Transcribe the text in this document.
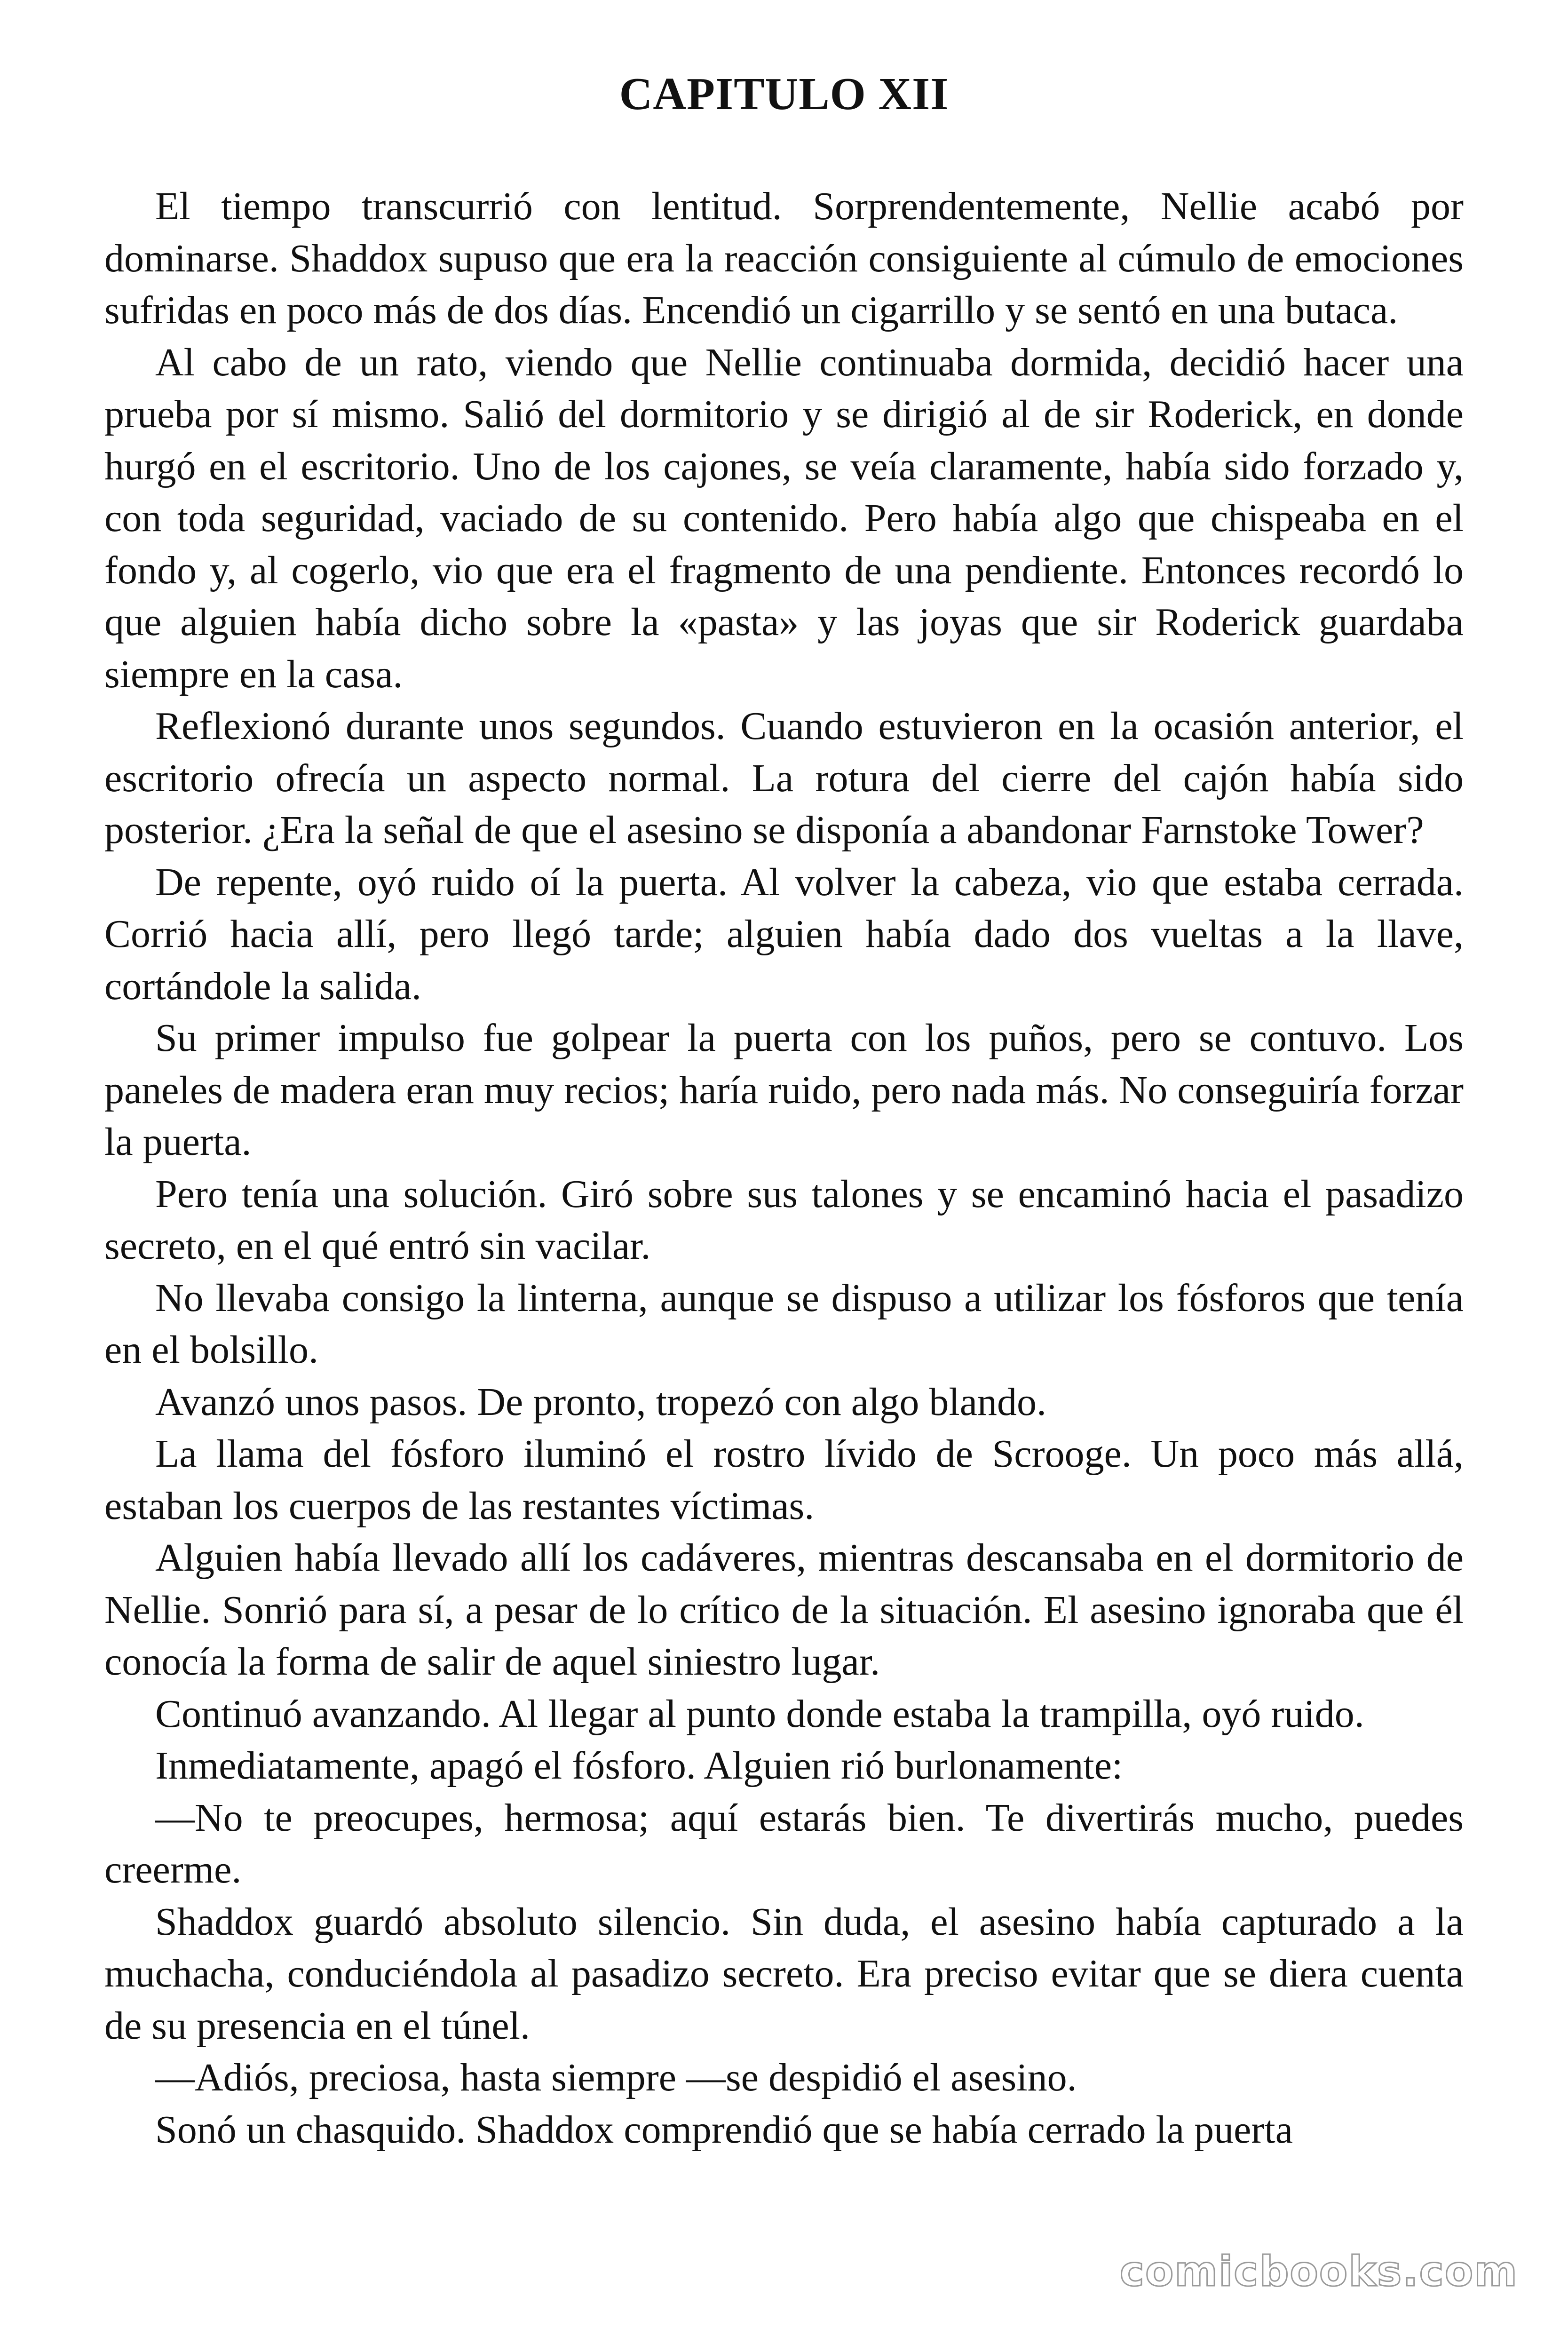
CAPITULO XII

El tiempo transcurrió con lentitud. Sorprendentemente, Nellie acabó por dominarse. Shaddox supuso que era la reacción consiguiente al cúmulo de emociones sufridas en poco más de dos días. Encendió un cigarrillo y se sentó en una butaca.

Al cabo de un rato, viendo que Nellie continuaba dormida, decidió hacer una prueba por sí mismo. Salió del dormitorio y se dirigió al de sir Roderick, en donde hurgó en el escritorio. Uno de los cajones, se veía claramente, había sido forzado y, con toda seguridad, vaciado de su contenido. Pero había algo que chispeaba en el fondo y, al cogerlo, vio que era el fragmento de una pendiente. Entonces recordó lo que alguien había dicho sobre la «pasta» y las joyas que sir Roderick guardaba siempre en la casa.

Reflexionó durante unos segundos. Cuando estuvieron en la ocasión anterior, el escritorio ofrecía un aspecto normal. La rotura del cierre del cajón había sido posterior. ¿Era la señal de que el asesino se disponía a abandonar Farnstoke Tower?

De repente, oyó ruido oí la puerta. Al volver la cabeza, vio que estaba cerrada. Corrió hacia allí, pero llegó tarde; alguien había dado dos vueltas a la llave, cortándole la salida.

Su primer impulso fue golpear la puerta con los puños, pero se contuvo. Los paneles de madera eran muy recios; haría ruido, pero nada más. No conseguiría forzar la puerta.

Pero tenía una solución. Giró sobre sus talones y se encaminó hacia el pasadizo secreto, en el qué entró sin vacilar.

No llevaba consigo la linterna, aunque se dispuso a utilizar los fósforos que tenía en el bolsillo.

Avanzó unos pasos. De pronto, tropezó con algo blando.

La llama del fósforo iluminó el rostro lívido de Scrooge. Un poco más allá, estaban los cuerpos de las restantes víctimas.

Alguien había llevado allí los cadáveres, mientras descansaba en el dormitorio de Nellie. Sonrió para sí, a pesar de lo crítico de la situación. El asesino ignoraba que él conocía la forma de salir de aquel siniestro lugar.

Continuó avanzando. Al llegar al punto donde estaba la trampilla, oyó ruido.

Inmediatamente, apagó el fósforo. Alguien rió burlonamente:

—No te preocupes, hermosa; aquí estarás bien. Te divertirás mucho, puedes creerme.

Shaddox guardó absoluto silencio. Sin duda, el asesino había capturado a la muchacha, conduciéndola al pasadizo secreto. Era preciso evitar que se diera cuenta de su presencia en el túnel.

—Adiós, preciosa, hasta siempre —se despidió el asesino.

Sonó un chasquido. Shaddox comprendió que se había cerrado la puerta

comicbooks.com
